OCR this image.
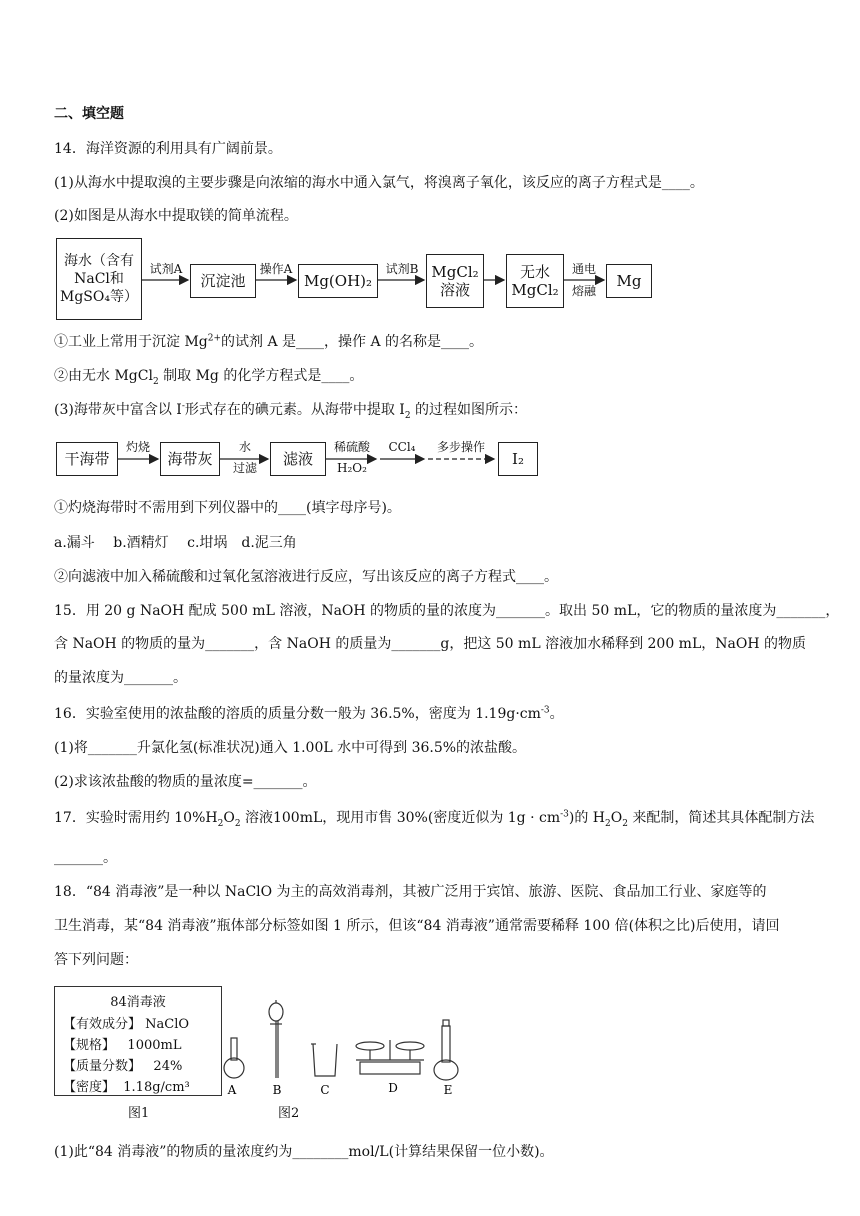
二、填空题
14．海洋资源的利用具有广阔前景。
(1)从海水中提取溴的主要步骤是向浓缩的海水中通入氯气，将溴离子氧化，该反应的离子方程式是____。
(2)如图是从海水中提取镁的简单流程。
海水（含有NaCl和MgSO₄等）
试剂A
沉淀池
操作A
Mg(OH)₂
试剂B MgCl₂溶液
无水MgCl₂
通电
熔融
Mg
①工业上常用于沉淀 $Mg^{2+}$的试剂 A 是____，操作 A 的名称是____。
②由无水 MgCl$_2$ 制取 Mg 的化学方程式是____。
(3)海带灰中富含以 I-形式存在的碘元素。从海带中提取 $I_2$ 的过程如图所示：
干海带
灼烧
海带灰
水
过滤	滤液
稀硫酸
H₂O₂
CCl₄	多步操作
I₂
①灼烧海带时不需用到下列仪器中的____(填字母序号)。
a.漏斗　 b.酒精灯　 c.坩埚　d.泥三角
②向滤液中加入稀硫酸和过氧化氢溶液进行反应，写出该反应的离子方程式____。
15．用 20 g NaOH 配成 500 mL 溶液，NaOH 的物质的量的浓度为_______。取出 50 mL，它的物质的量浓度为_______，
含 NaOH 的物质的量为_______，含 NaOH 的质量为_______g，把这 50 mL 溶液加水稀释到 200 mL，NaOH 的物质
的量浓度为_______。
16．实验室使用的浓盐酸的溶质的质量分数一般为 36.5%，密度为 $1.19g\cdot cm^{-3}$。
(1)将_______升氯化氢(标准状况)通入 1.00L 水中可得到 36.5%的浓盐酸。
(2)求该浓盐酸的物质的量浓度=_______。
17．实验时需用约 $10\%H_2O_2$ 溶液100mL，现用市售 30%(密度近似为 $1g \cdot cm^{-3}$)的 $H_2O_2$ 来配制，简述其具体配制方法
_______。
18．“84 消毒液”是一种以 NaClO 为主的高效消毒剂，其被广泛用于宾馆、旅游、医院、食品加工行业、家庭等的
卫生消毒，某“84 消毒液”瓶体部分标签如图 1 所示，但该“84 消毒液”通常需要稀释 100 倍(体积之比)后使用，请回
答下列问题：
84消毒液
【有效成分】 NaClO
【规格】 1000mL
【质量分数】 24%
【密度】 1.18g/cm³
图1	图2
A	B	C	D	E
(1)此“84 消毒液”的物质的量浓度约为________mol/L(计算结果保留一位小数)。
